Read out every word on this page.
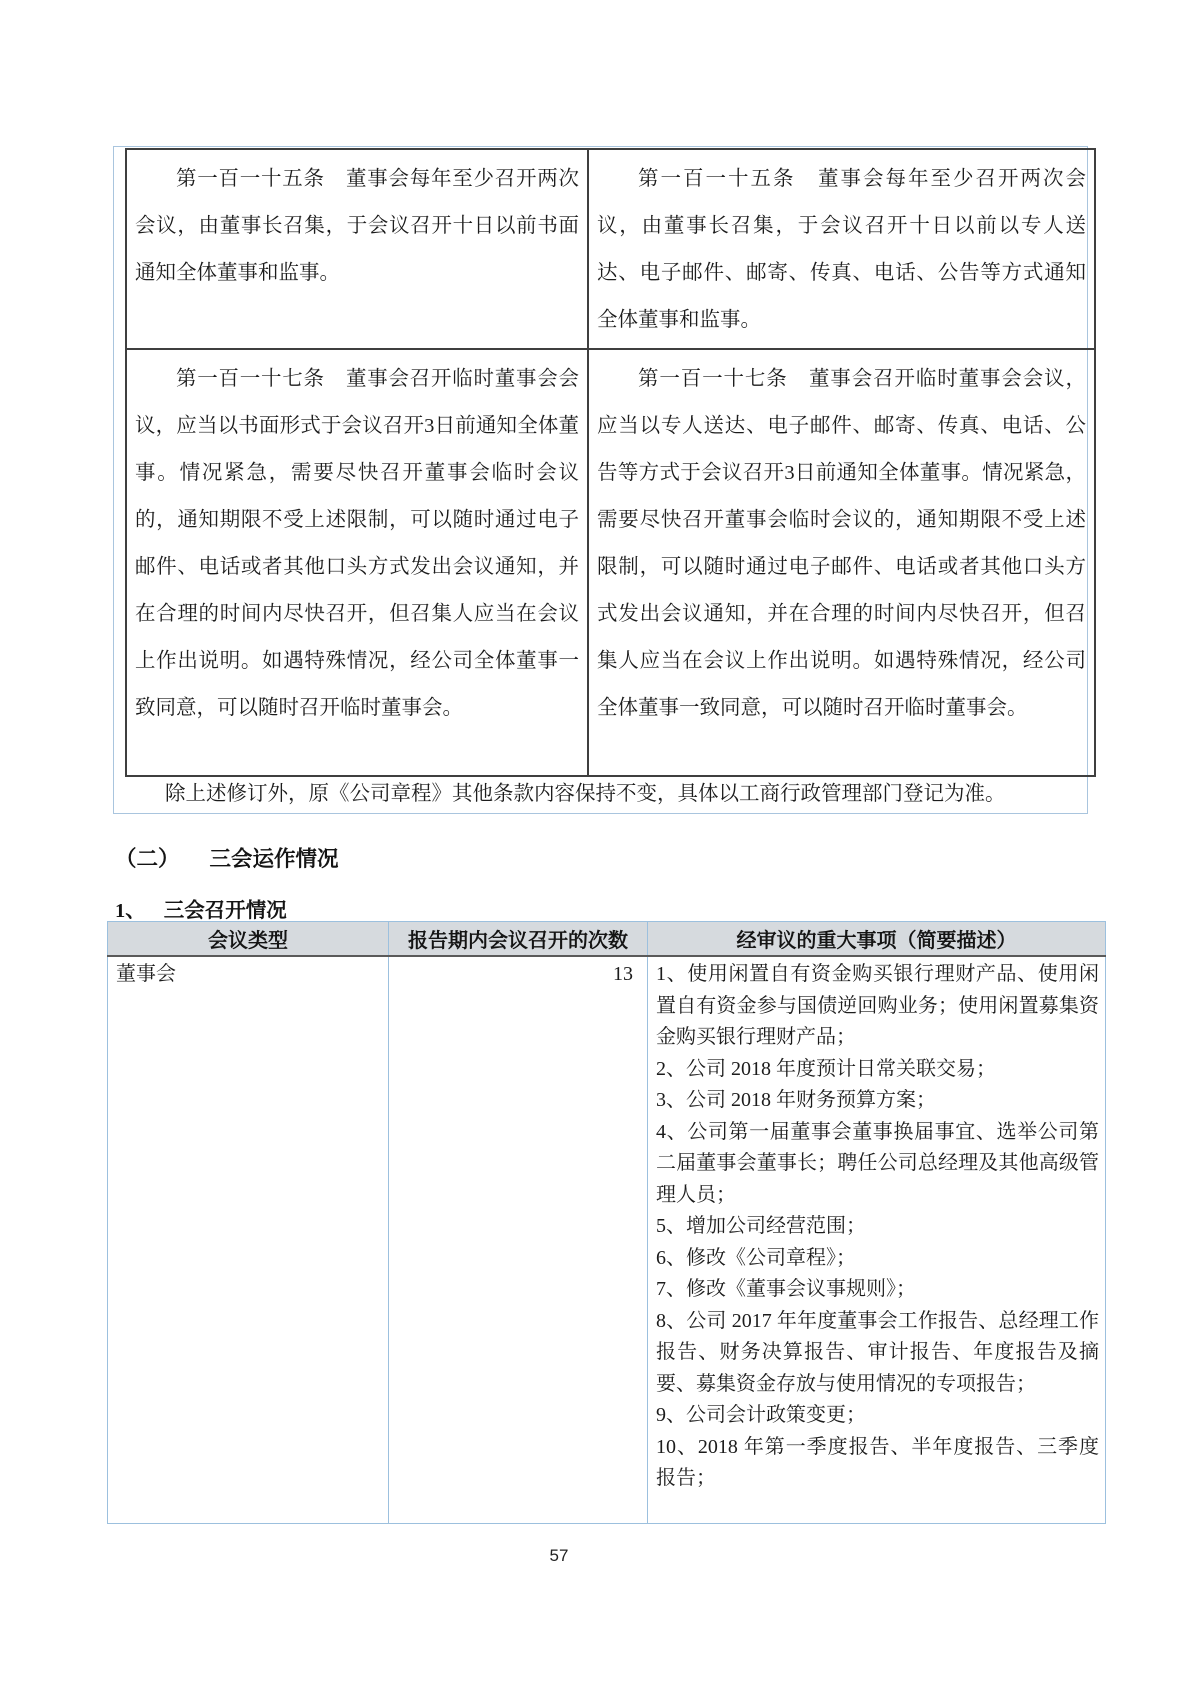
第一百一十五条　董事会每年至少召开两次会议，由董事长召集，于会议召开十日以前书面通知全体董事和监事。	第一百一十五条　董事会每年至少召开两次会议，由董事长召集，于会议召开十日以前以专人送达、电子邮件、邮寄、传真、电话、公告等方式通知全体董事和监事。

第一百一十七条　董事会召开临时董事会会议，应当以书面形式于会议召开3日前通知全体董事。情况紧急，需要尽快召开董事会临时会议的，通知期限不受上述限制，可以随时通过电子邮件、电话或者其他口头方式发出会议通知，并在合理的时间内尽快召开，但召集人应当在会议上作出说明。如遇特殊情况，经公司全体董事一致同意，可以随时召开临时董事会。	第一百一十七条　董事会召开临时董事会会议，应当以专人送达、电子邮件、邮寄、传真、电话、公告等方式于会议召开3日前通知全体董事。情况紧急，需要尽快召开董事会临时会议的，通知期限不受上述限制，可以随时通过电子邮件、电话或者其他口头方式发出会议通知，并在合理的时间内尽快召开，但召集人应当在会议上作出说明。如遇特殊情况，经公司全体董事一致同意，可以随时召开临时董事会。

除上述修订外，原《公司章程》其他条款内容保持不变，具体以工商行政管理部门登记为准。

（二） 三会运作情况
1、 三会召开情况
会议类型	报告期内会议召开的次数	经审议的重大事项（简要描述）
董事会	13	1、使用闲置自有资金购买银行理财产品、使用闲置自有资金参与国债逆回购业务；使用闲置募集资金购买银行理财产品；
2、公司 2018 年度预计日常关联交易；
3、公司 2018 年财务预算方案；
4、公司第一届董事会董事换届事宜、选举公司第二届董事会董事长；聘任公司总经理及其他高级管理人员；
5、增加公司经营范围；
6、修改《公司章程》；
7、修改《董事会议事规则》；
8、公司 2017 年年度董事会工作报告、总经理工作报告、财务决算报告、审计报告、年度报告及摘要、募集资金存放与使用情况的专项报告；
9、公司会计政策变更；
10、2018 年第一季度报告、半年度报告、三季度报告；
57
